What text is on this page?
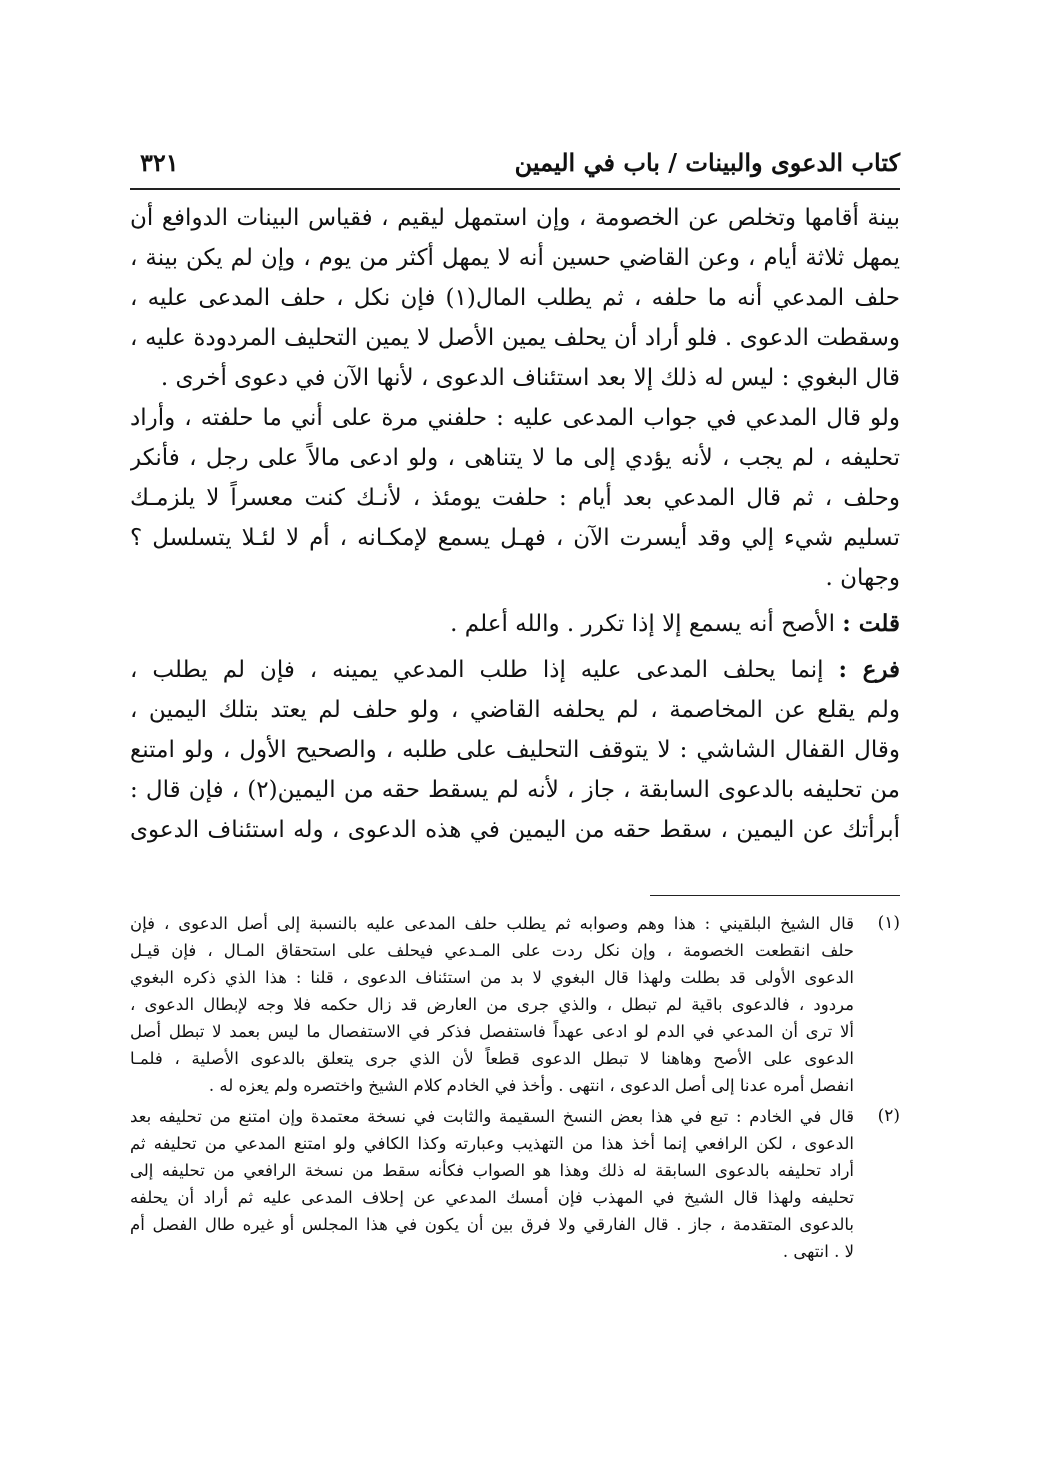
كتاب الدعوى والبينات / باب في اليمين
٣٢١
بينة أقامها وتخلص عن الخصومة ، وإن استمهل ليقيم ، فقياس البينات الدوافع أن
يمهل ثلاثة أيام ، وعن القاضي حسين أنه لا يمهل أكثر من يوم ، وإن لم يكن بينة ،
حلف المدعي أنه ما حلفه ، ثم يطلب المال(١) فإن نكل ، حلف المدعى عليه ،
وسقطت الدعوى . فلو أراد أن يحلف يمين الأصل لا يمين التحليف المردودة عليه ،
قال البغوي : ليس له ذلك إلا بعد استئناف الدعوى ، لأنها الآن في دعوى أخرى .
ولو قال المدعي في جواب المدعى عليه : حلفني مرة على أني ما حلفته ، وأراد
تحليفه ، لم يجب ، لأنه يؤدي إلى ما لا يتناهى ، ولو ادعى مالاً على رجل ، فأنكر
وحلف ، ثم قال المدعي بعد أيام : حلفت يومئذ ، لأنـك كنت معسراً لا يلزمـك
تسليم شيء إلي وقد أيسرت الآن ، فهـل يسمع لإمكـانه ، أم لا لئـلا يتسلسل ؟
وجهان .
قلت : الأصح أنه يسمع إلا إذا تكرر . والله أعلم .
فرع : إنما يحلف المدعى عليه إذا طلب المدعي يمينه ، فإن لم يطلب ،
ولم يقلع عن المخاصمة ، لم يحلفه القاضي ، ولو حلف لم يعتد بتلك اليمين ،
وقال القفال الشاشي : لا يتوقف التحليف على طلبه ، والصحيح الأول ، ولو امتنع
من تحليفه بالدعوى السابقة ، جاز ، لأنه لم يسقط حقه من اليمين(٢) ، فإن قال :
أبرأتك عن اليمين ، سقط حقه من اليمين في هذه الدعوى ، وله استئناف الدعوى
(١)
قال الشيخ البلقيني : هذا وهم وصوابه ثم يطلب حلف المدعى عليه بالنسبة إلى أصل الدعوى ، فإن
حلف انقطعت الخصومة ، وإن نكل ردت على المـدعي فيحلف على استحقاق المـال ، فإن قيـل
الدعوى الأولى قد بطلت ولهذا قال البغوي لا بد من استئناف الدعوى ، قلنا : هذا الذي ذكره البغوي
مردود ، فالدعوى باقية لم تبطل ، والذي جرى من العارض قد زال حكمه فلا وجه لإبطال الدعوى ،
ألا ترى أن المدعي في الدم لو ادعى عهداً فاستفصل فذكر في الاستفصال ما ليس بعمد لا تبطل أصل
الدعوى على الأصح وهاهنا لا تبطل الدعوى قطعاً لأن الذي جرى يتعلق بالدعوى الأصلية ، فلمـا
انفصل أمره عدنا إلى أصل الدعوى ، انتهى . وأخذ في الخادم كلام الشيخ واختصره ولم يعزه له .
(٢)
قال في الخادم : تبع في هذا بعض النسخ السقيمة والثابت في نسخة معتمدة وإن امتنع من تحليفه بعد
الدعوى ، لكن الرافعي إنما أخذ هذا من التهذيب وعبارته وكذا الكافي ولو امتنع المدعي من تحليفه ثم
أراد تحليفه بالدعوى السابقة له ذلك وهذا هو الصواب فكأنه سقط من نسخة الرافعي من تحليفه إلى
تحليفه ولهذا قال الشيخ في المهذب فإن أمسك المدعي عن إحلاف المدعى عليه ثم أراد أن يحلفه
بالدعوى المتقدمة ، جاز . قال الفارقي ولا فرق بين أن يكون في هذا المجلس أو غيره طال الفصل أم
لا . انتهى .
